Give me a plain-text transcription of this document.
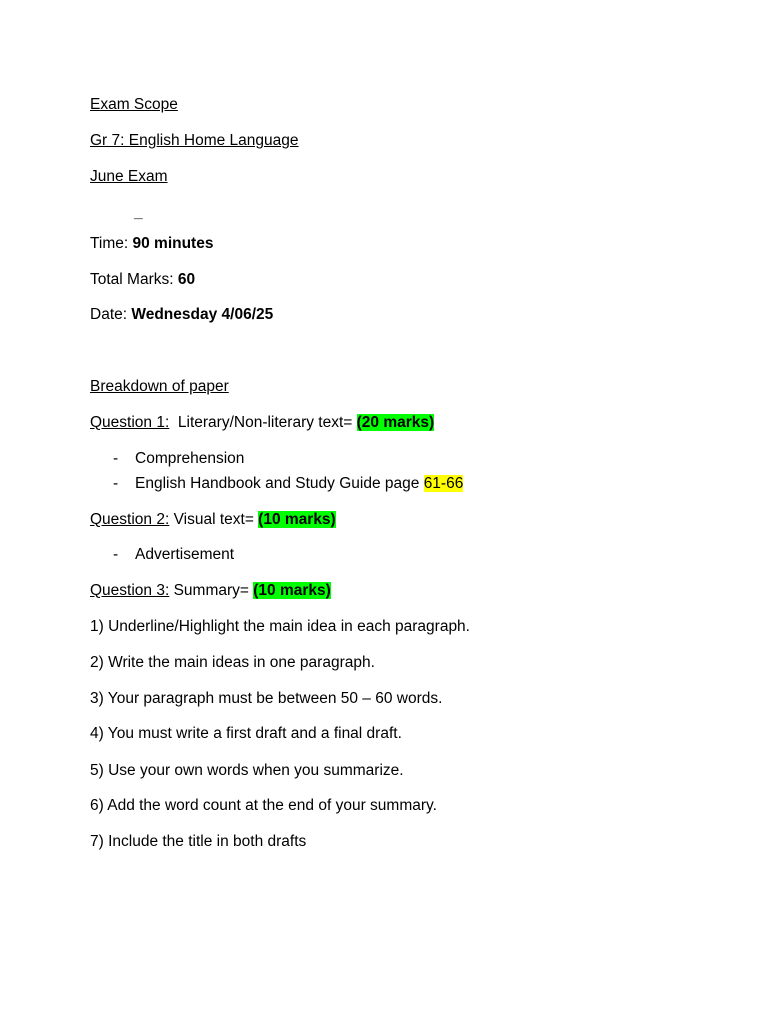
Exam Scope
Gr 7: English Home Language
June Exam
_
Time: 90 minutes
Total Marks: 60
Date: Wednesday 4/06/25
Breakdown of paper
Question 1:  Literary/Non-literary text= (20 marks)
- Comprehension
- English Handbook and Study Guide page 61-66
Question 2: Visual text= (10 marks)
- Advertisement
Question 3: Summary= (10 marks)
1) Underline/Highlight the main idea in each paragraph.
2) Write the main ideas in one paragraph.
3) Your paragraph must be between 50 – 60 words.
4) You must write a first draft and a final draft.
5) Use your own words when you summarize.
6) Add the word count at the end of your summary.
7) Include the title in both drafts
